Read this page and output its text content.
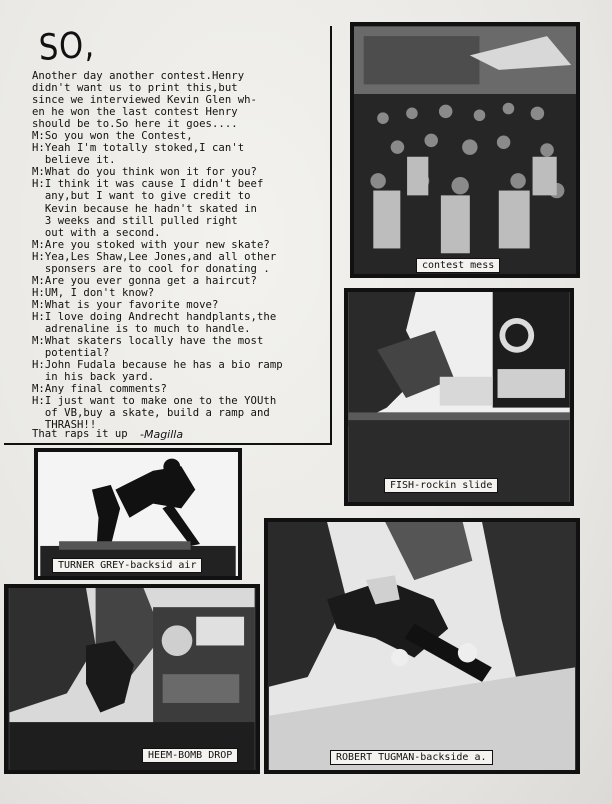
SO,
Another day another contest.Henry
didn't want us to print this,but
since we interviewed Kevin Glen wh-
en he won the last contest Henry
should be to.So here it goes....
M:So you won the Contest,
H:Yeah I'm totally stoked,I can't
believe it.
M:What do you think won it for you?
H:I think it was cause I didn't beef
any,but I want to give credit to
Kevin because he hadn't skated in
3 weeks and still pulled right
out with a second.
M:Are you stoked with your new skate?
H:Yea,Les Shaw,Lee Jones,and all other
sponsers are to cool for donating .
M:Are you ever gonna get a haircut?
H:UM, I don't know?
M:What is your favorite move?
H:I love doing Andrecht handplants,the
adrenaline is to much to handle.
M:What skaters locally have the most
potential?
H:John Fudala because he has a bio ramp
in his back yard.
M:Any final comments?
H:I just want to make one to the YOUth
of VB,buy a skate, build a ramp and
THRASH!!
That raps it up -Magilla
contest mess
FISH-rockin slide
TURNER GREY-backsid air
HEEM-BOMB DROP	ROBERT TUGMAN-backside a.
